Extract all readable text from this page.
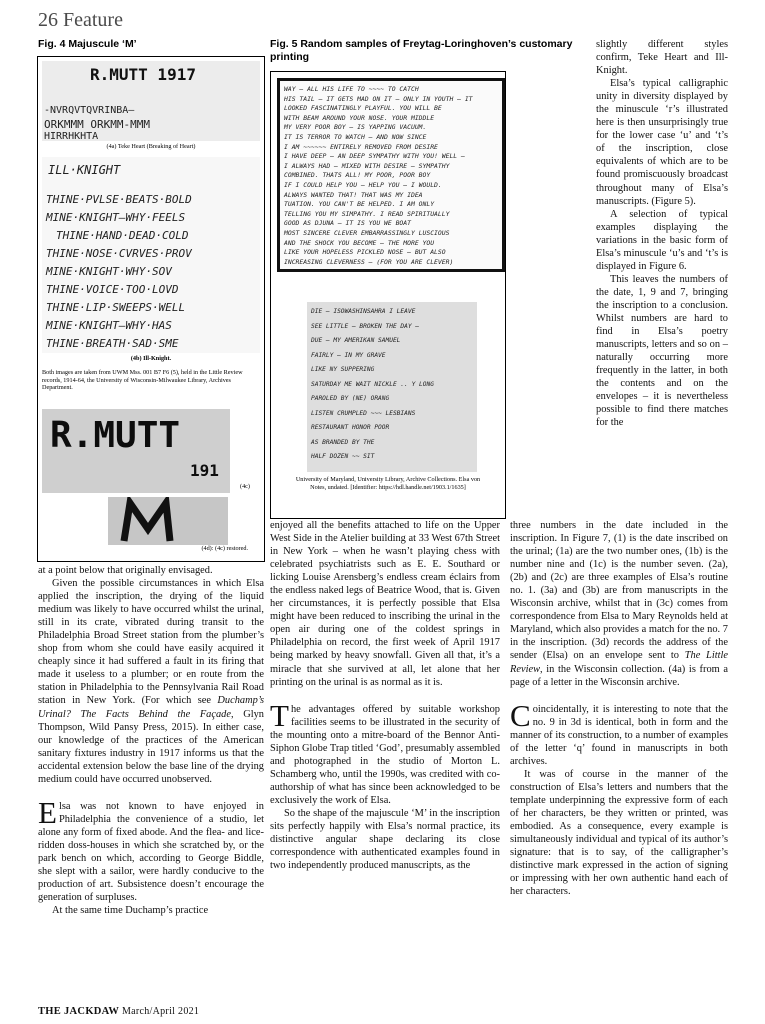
26 Feature
Fig. 4 Majuscule ‘M’
R.MUTT 1917
‑NVRQVTQVRINBA—
ORKMMM ORKMM-MMM
HIRRHKHTA
(4a) Teke Heart (Breaking of Heart)
ILL·KNIGHT
THINE·PVLSE·BEATS·BOLD
MINE·KNIGHT—WHY·FEELS
THINE·HAND·DEAD·COLD
THINE·NOSE·CVRVES·PROV
MINE·KNIGHT·WHY·SOV
THINE·VOICE·TOO·LOVD
THINE·LIP·SWEEPS·WELL
MINE·KNIGHT—WHY·HAS
THINE·BREATH·SAD·SME
(4b) Ill-Knight.
Both images are taken from UWM Mss. 001 B7 F6 (5), held in the Little Review records, 1914-64, the University of Wisconsin-Milwaukee Library, Archives Department.
R.MUTT
191
(4c)
(4d): (4c) restored.
Fig. 5 Random samples of Freytag-Loringhoven’s customary printing
WAY — ALL HIS LIFE TO ~~~~ TO CATCH
HIS TAIL — IT GETS MAD ON IT — ONLY IN YOUTH — IT
LOOKED FASCINATINGLY PLAYFUL. YOU WILL BE
WITH BEAM AROUND YOUR NOSE. YOUR MIDDLE
MY VERY POOR BOY — IS YAPPING VACUUM.
IT IS TERROR TO WATCH — AND NOW SINCE
I AM ~~~~~~ ENTIRELY REMOVED FROM DESIRE
I HAVE DEEP — AN DEEP SYMPATHY WITH YOU! WELL —
I ALWAYS HAD — MIXED WITH DESIRE — SYMPATHY
COMBINED. THATS ALL! MY POOR, POOR BOY
IF I COULD HELP YOU — HELP YOU — I WOULD.
ALWAYS WANTED THAT! THAT WAS MY IDEA
TUATION. YOU CAN'T BE HELPED. I AM ONLY
TELLING YOU MY SIMPATHY. I READ SPIRITUALLY
GOOD AS DJUNA — IT IS YOU WE BOAT
MOST SINCERE CLEVER EMBARRASSINGLY LUSCIOUS
AND THE SHOCK YOU BECOME — THE MORE YOU
LIKE YOUR HOPELESS PICKLED NOSE — BUT ALSO
INCREASING CLEVERNESS — (FOR YOU ARE CLEVER)
DIE — ISOWASHINSAHRA I LEAVE
SEE LITTLE — BROKEN THE DAY —
DUE — MY AMERIKAN SAMUEL
FAIRLY — IN MY GRAVE
LIKE NY SUPPERING
SATURDAY ME WAIT NICKLE .. Y LONG
PAROLED BY (NE) ORANG
LISTEN CRUMPLED ~~~ LESBIANS
RESTAURANT HONOR POOR
AS BRANDED BY THE
HALF DOZEN ~~ SIT
University of Maryland, University Library, Archive Collections. Elsa von Notes, undated. [Identifier: https://hdl.handle.net/1903.1/1635]

at a point below that originally envisaged.

Given the possible circumstances in which Elsa applied the inscription, the drying of the liquid medium was likely to have occurred whilst the urinal, still in its crate, vibrated during transit to the Philadelphia Broad Street station from the plumber’s shop from whom she could have easily acquired it cheaply since it had suffered a fault in its firing that made it useless to a plumber; or en route from the station in Philadelphia to the Pennsylvania Rail Road station in New York. (For which see Duchamp’s Urinal? The Facts Behind the Façade, Glyn Thompson, Wild Pansy Press, 2015). In either case, our knowledge of the practices of the American sanitary fixtures industry in 1917 informs us that the accidental extension below the base line of the drying medium could have occurred unobserved.

Elsa was not known to have enjoyed in Philadelphia the convenience of a studio, let alone any form of fixed abode. And the flea- and lice-ridden doss-houses in which she scratched by, or the park bench on which, according to George Biddle, she slept with a sailor, were hardly conducive to the production of art. Subsistence doesn’t encourage the generation of surpluses.

At the same time Duchamp’s practice

enjoyed all the benefits attached to life on the Upper West Side in the Atelier building at 33 West 67th Street in New York – when he wasn’t playing chess with celebrated psychiatrists such as E. E. Southard or licking Louise Arensberg’s endless cream éclairs from the endless naked legs of Beatrice Wood, that is. Given her circumstances, it is perfectly possible that Elsa might have been reduced to inscribing the urinal in the open air during one of the coldest springs in Philadelphia on record, the first week of April 1917 being marked by heavy snowfall. Given all that, it’s a miracle that she survived at all, let alone that her printing on the urinal is as normal as it is.

The advantages offered by suitable workshop facilities seems to be illustrated in the security of the mounting onto a mitre-board of the Bennor Anti-Siphon Globe Trap titled ‘God’, presumably assembled and photographed in the studio of Morton L. Schamberg who, until the 1990s, was credited with co-authorship of what has since been acknowledged to be exclusively the work of Elsa.

So the shape of the majuscule ‘M’ in the inscription sits perfectly happily with Elsa’s normal practice, its distinctive angular shape declaring its close correspondence with authenticated examples found in two independently produced manuscripts, as the

slightly different styles confirm, Teke Heart and Ill-Knight.

Elsa’s typical calligraphic unity in diversity displayed by the minuscule ‘r’s illustrated here is then unsurprisingly true for the lower case ‘u’ and ‘t’s of the inscription, close equivalents of which are to be found promiscuously broadcast throughout many of Elsa’s manuscripts. (Figure 5).

A selection of typical examples displaying the variations in the basic form of Elsa’s minuscule ‘u’s and ‘t’s is displayed in Figure 6.

This leaves the numbers of the date, 1, 9 and 7, bringing the inscription to a conclusion. Whilst numbers are hard to find in Elsa’s poetry manuscripts, letters and so on – naturally occurring more frequently in the latter, in both the contents and on the envelopes – it is nevertheless possible to find there matches for the

three numbers in the date included in the inscription. In Figure 7, (1) is the date inscribed on the urinal; (1a) are the two number ones, (1b) is the number nine and (1c) is the number seven. (2a), (2b) and (2c) are three examples of Elsa’s routine no. 1. (3a) and (3b) are from manuscripts in the Wisconsin archive, whilst that in (3c) comes from correspondence from Elsa to Mary Reynolds held at Maryland, which also provides a match for the no. 7 in the inscription. (3d) records the address of the sender (Elsa) on an envelope sent to The Little Review, in the Wisconsin collection. (4a) is from a page of a letter in the Wisconsin archive.

Coincidentally, it is interesting to note that the no. 9 in 3d is identical, both in form and the manner of its construction, to a number of examples of the letter ‘q’ found in manuscripts in both archives.

It was of course in the manner of the construction of Elsa’s letters and numbers that the template underpinning the expressive form of each of her characters, be they written or printed, was embodied. As a consequence, every example is simultaneously individual and typical of its author’s signature: that is to say, of the calligrapher’s distinctive mark expressed in the action of signing or impressing with her own authentic hand each of her characters.

THE JACKDAW March/April 2021
